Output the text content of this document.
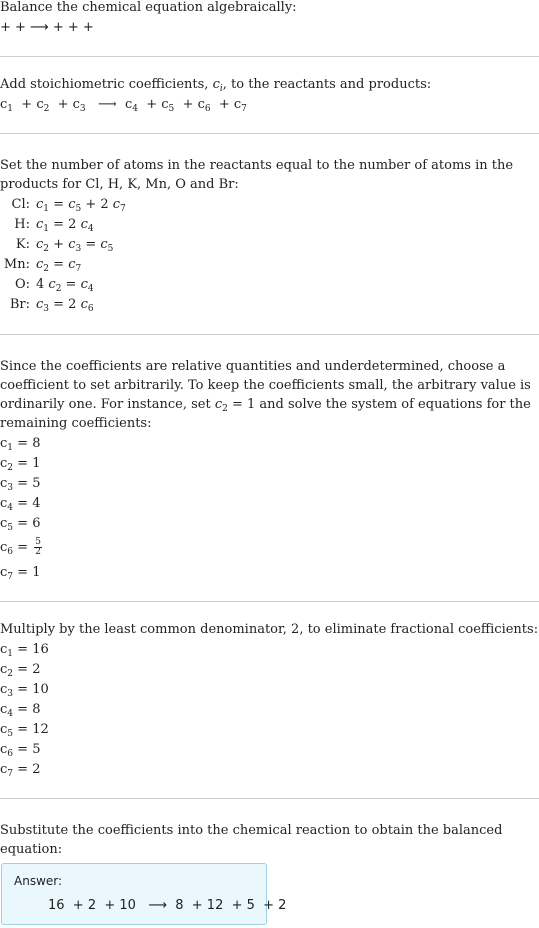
Balance the chemical equation algebraically:
+ + ⟶ + + +
Add stoichiometric coefficients, $c_i$, to the reactants and products:
$c_1 + c_2 + c_3$   ⟶  $c_4 + c_5 + c_6 + c_7$
Set the number of atoms in the reactants equal to the number of atoms in the
products for Cl, H, K, Mn, O and Br:
Cl: $c_1 = c_5 + 2$ $c_7$
H: $c_1 = 2$ $c_4$
K: $c_2 + c_3 = c_5$
Mn: $c_2 = c_7$
O: 4 $c_2 = c_4$
Br: $c_3 = 2$ $c_6$
Since the coefficients are relative quantities and underdetermined, choose a
coefficient to set arbitrarily. To keep the coefficients small, the arbitrary value is
ordinarily one. For instance, set $c_2 = 1$ and solve the system of equations for the
remaining coefficients:
$c_1 = 8$
$c_2 = 1$
$c_3 = 5$
$c_4 = 4$
$c_5 = 6$
$c_6 = \frac{5}{2}$
$c_7 = 1$
Multiply by the least common denominator, 2, to eliminate fractional coefficients:
$c_1 = 16$
$c_2 = 2$
$c_3 = 10$
$c_4 = 8$
$c_5 = 12$
$c_6 = 5$
$c_7 = 2$
Substitute the coefficients into the chemical reaction to obtain the balanced
equation:
Answer:
16  + 2  + 10   ⟶  8  + 12  + 5  + 2
